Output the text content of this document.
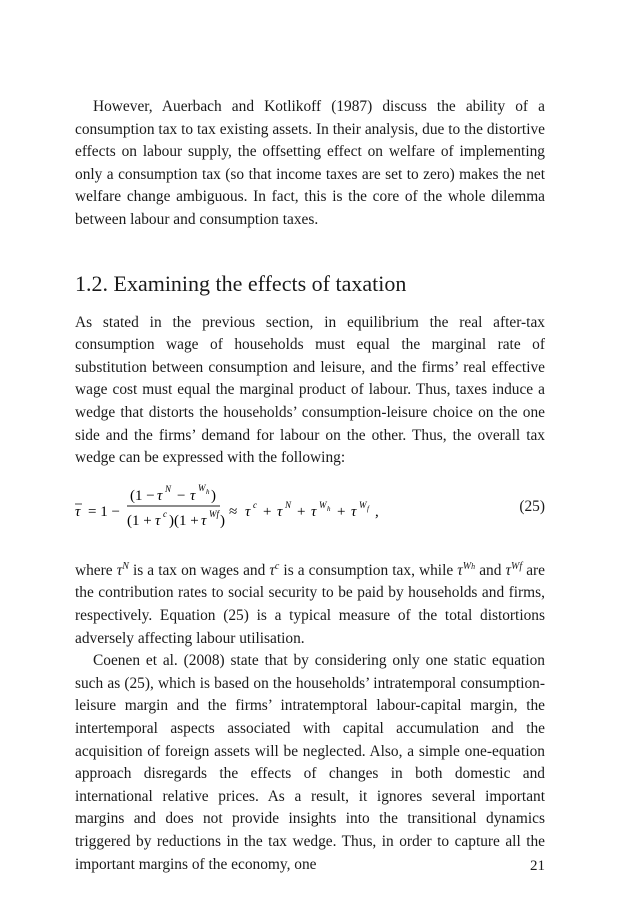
However, Auerbach and Kotlikoff (1987) discuss the ability of a consumption tax to tax existing assets. In their analysis, due to the distortive effects on labour supply, the offsetting effect on welfare of implementing only a consumption tax (so that income taxes are set to zero) makes the net welfare change ambiguous. In fact, this is the core of the whole dilemma between labour and consumption taxes.

1.2. Examining the effects of taxation

As stated in the previous section, in equilibrium the real after-tax consumption wage of households must equal the marginal rate of substitution between consumption and leisure, and the firms’ real effective wage cost must equal the marginal product of labour. Thus, taxes induce a wedge that distorts the households’ consumption-leisure choice on the one side and the firms’ demand for labour on the other. Thus, the overall tax wedge can be expressed with the following:

τ = 1 −
(1 − τ N − τ W h )
(1 + τ c )(1 + τ Wf )
≈ τ c + τ N + τ W h + τ W f ,	(25)

where $\tau^N$ is a tax on wages and $\tau^c$ is a consumption tax, while $\tau^{Wh}$ and $\tau^{Wf}$ are the contribution rates to social security to be paid by households and firms, respectively. Equation (25) is a typical measure of the total distortions adversely affecting labour utilisation.

Coenen et al. (2008) state that by considering only one static equation such as (25), which is based on the households’ intratemporal consumption-leisure margin and the firms’ intratemptoral labour-capital margin, the intertemporal aspects associated with capital accumulation and the acquisition of foreign assets will be neglected. Also, a simple one-equation approach disregards the effects of changes in both domestic and international relative prices. As a result, it ignores several important margins and does not provide insights into the transitional dynamics triggered by reductions in the tax wedge. Thus, in order to capture all the important margins of the economy, one	21
